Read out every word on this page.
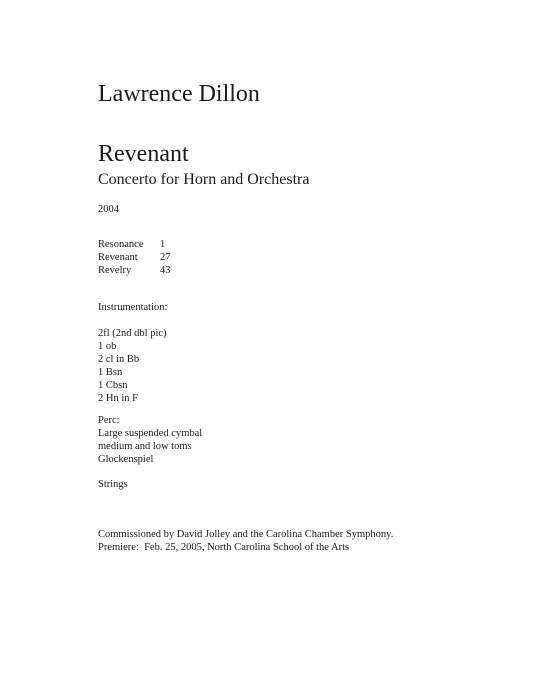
Lawrence Dillon
Revenant
Concerto for Horn and Orchestra
2004
Resonance 1
Revenant 27
Revelry	43
Instrumentation:
2fl (2nd dbl pic)
1 ob
2 cl in Bb
1 Bsn
1 Cbsn
2 Hn in F
Perc:
Large suspended cymbal
medium and low toms
Glockenspiel
Strings
Commissioned by David Jolley and the Carolina Chamber Symphony.
Premiere:  Feb. 25, 2005, North Carolina School of the Arts
